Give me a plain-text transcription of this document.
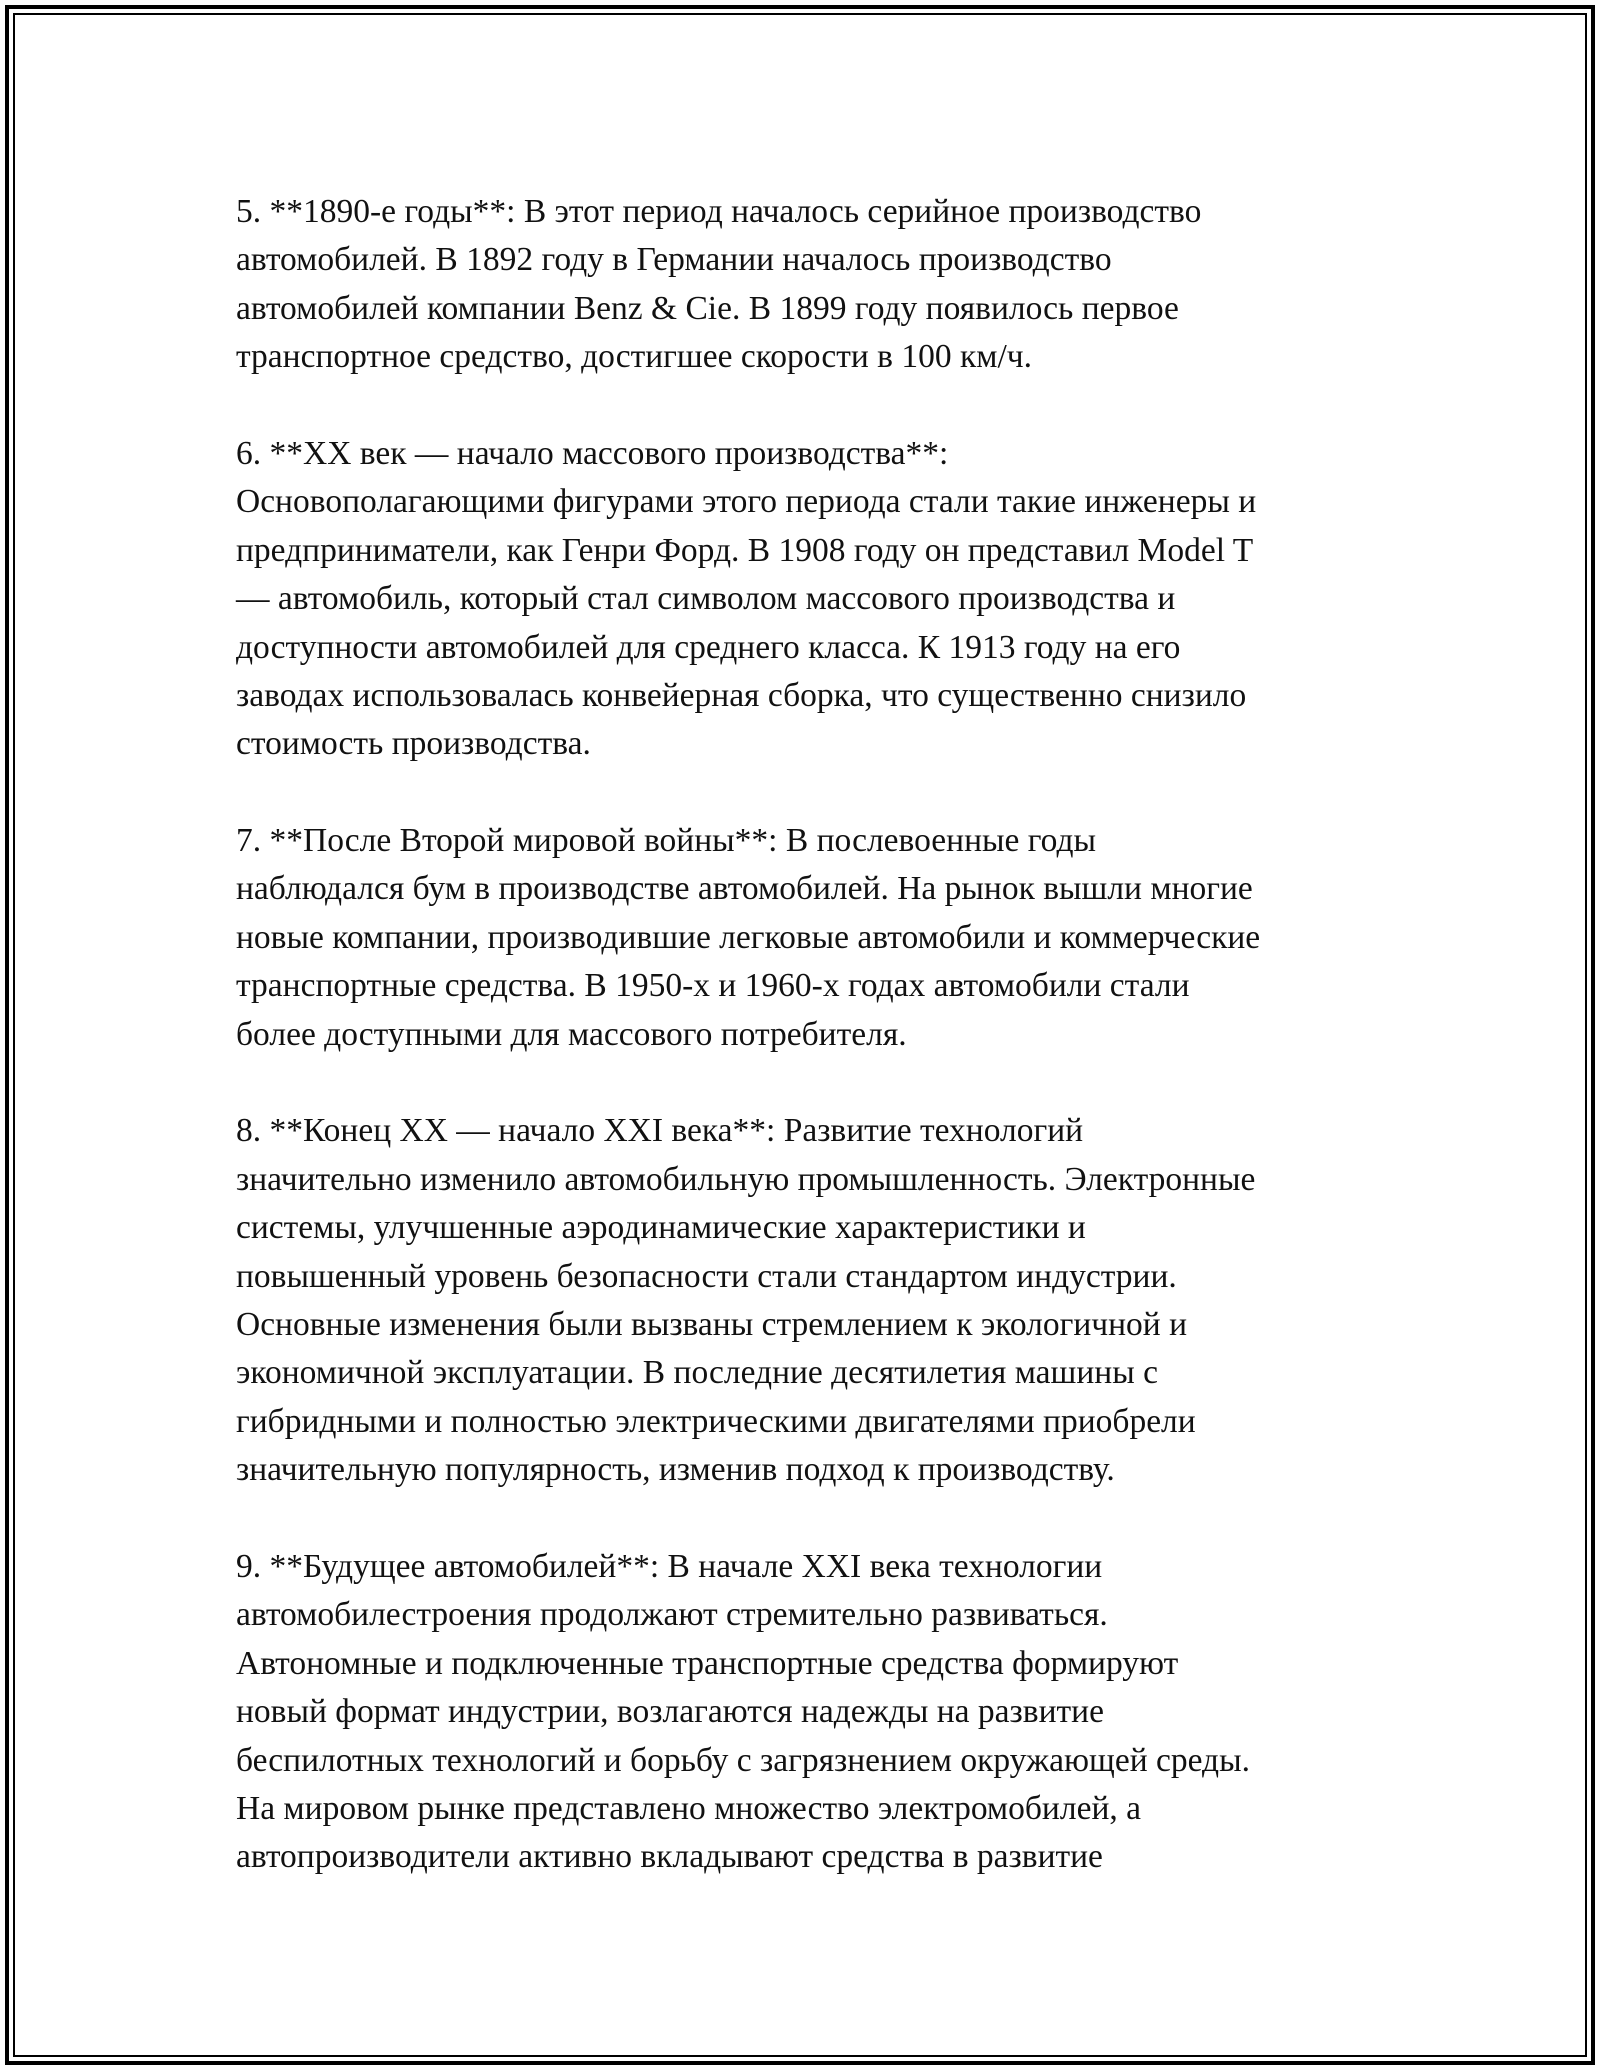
5. **1890-е годы**: В этот период началось серийное производство
автомобилей. В 1892 году в Германии началось производство
автомобилей компании Benz & Cie. В 1899 году появилось первое
транспортное средство, достигшее скорости в 100 км/ч.
6. **XX век — начало массового производства**:
Основополагающими фигурами этого периода стали такие инженеры и
предприниматели, как Генри Форд. В 1908 году он представил Model T
— автомобиль, который стал символом массового производства и
доступности автомобилей для среднего класса. К 1913 году на его
заводах использовалась конвейерная сборка, что существенно снизило
стоимость производства.
7. **После Второй мировой войны**: В послевоенные годы
наблюдался бум в производстве автомобилей. На рынок вышли многие
новые компании, производившие легковые автомобили и коммерческие
транспортные средства. В 1950-х и 1960-х годах автомобили стали
более доступными для массового потребителя.
8. **Конец XX — начало XXI века**: Развитие технологий
значительно изменило автомобильную промышленность. Электронные
системы, улучшенные аэродинамические характеристики и
повышенный уровень безопасности стали стандартом индустрии.
Основные изменения были вызваны стремлением к экологичной и
экономичной эксплуатации. В последние десятилетия машины с
гибридными и полностью электрическими двигателями приобрели
значительную популярность, изменив подход к производству.
9. **Будущее автомобилей**: В начале XXI века технологии
автомобилестроения продолжают стремительно развиваться.
Автономные и подключенные транспортные средства формируют
новый формат индустрии, возлагаются надежды на развитие
беспилотных технологий и борьбу с загрязнением окружающей среды.
На мировом рынке представлено множество электромобилей, а
автопроизводители активно вкладывают средства в развитие
